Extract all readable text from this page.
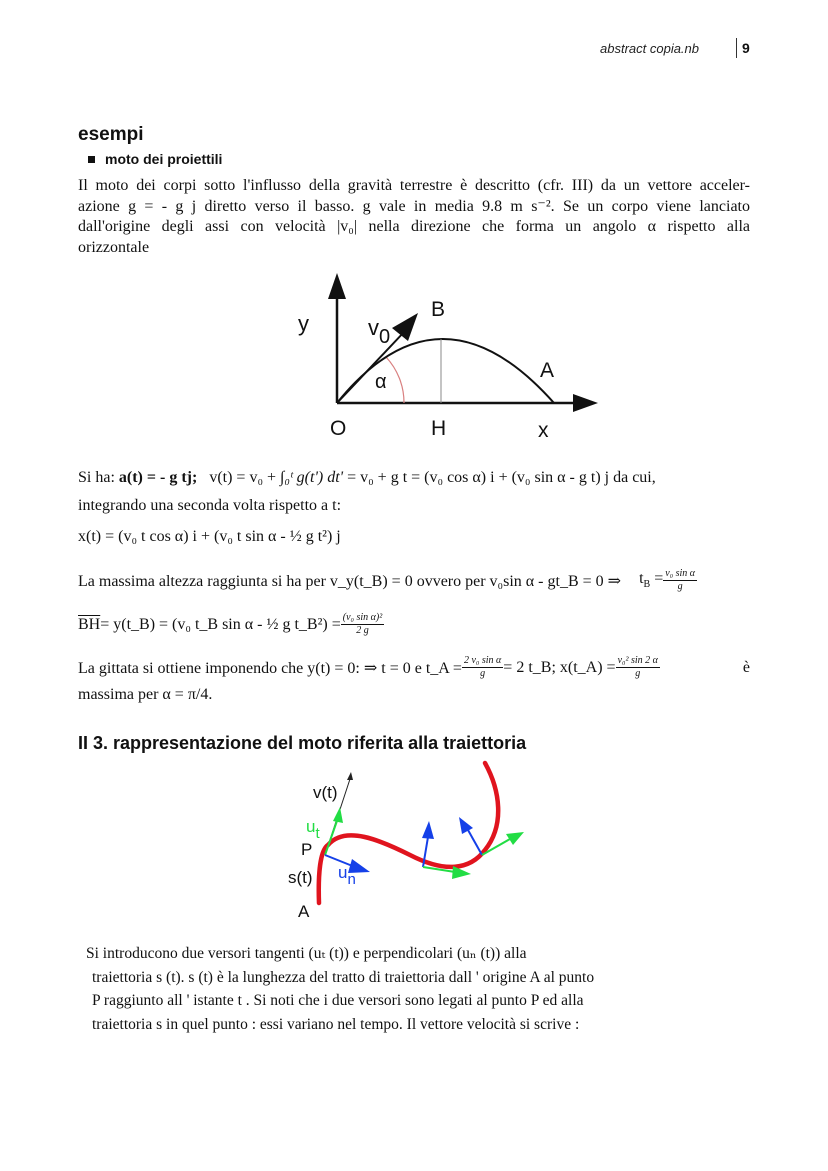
abstract copia.nb	9
esempi
moto dei proiettili
Il moto dei corpi sotto l'influsso della gravità terrestre è descritto (cfr. III) da un vettore acceler-
azione g = - g j diretto verso il basso. g vale in media 9.8 m s⁻². Se un corpo viene lanciato
dall'origine degli assi con velocità |v₀| nella direzione che forma un angolo α rispetto alla
orizzontale
y	v0
B
A
α
O	H	x
Si ha: a(t) = - g tj; v(t) = v₀ + ∫₀ᵗ g(t') dt' = v₀ + g t = (v₀ cos α) i + (v₀ sin α - g t) j da cui,
integrando una seconda volta rispetto a t:
x(t) = (v₀ t cos α) i + (v₀ t sin α - ½ g t²) j
La massima altezza raggiunta si ha per v_y(t_B) = 0 ovvero per v₀sin α - gt_B = 0 ⇒ $t_B = \frac{\text{v₀ sin α}}{g}$
$\overline{BH}$ = y(t_B) = (v₀ t_B sin α - ½ g t_B²) = $\frac{\text{(v₀ sin α)²}}{2 g}$
La gittata si ottiene imponendo che y(t) = 0: ⇒ t = 0 e t_A = $\frac{\text{2 v₀ sin α}}{g} = 2$ t_B; x(t_A) = $\frac{\text{v₀² sin 2 α}}{g}$	è
massima per α = π/4.
II 3. rappresentazione del moto riferita alla traiettoria
v(t)
ut
P
s(t) un
A
Si introducono due versori tangenti (uₜ (t)) e perpendicolari (uₙ (t)) alla
traiettoria s (t). s (t) è la lunghezza del tratto di traiettoria dall ' origine A al punto
P raggiunto all ' istante t . Si noti che i due versori sono legati al punto P ed alla
traiettoria s in quel punto : essi variano nel tempo. Il vettore velocità si scrive :
